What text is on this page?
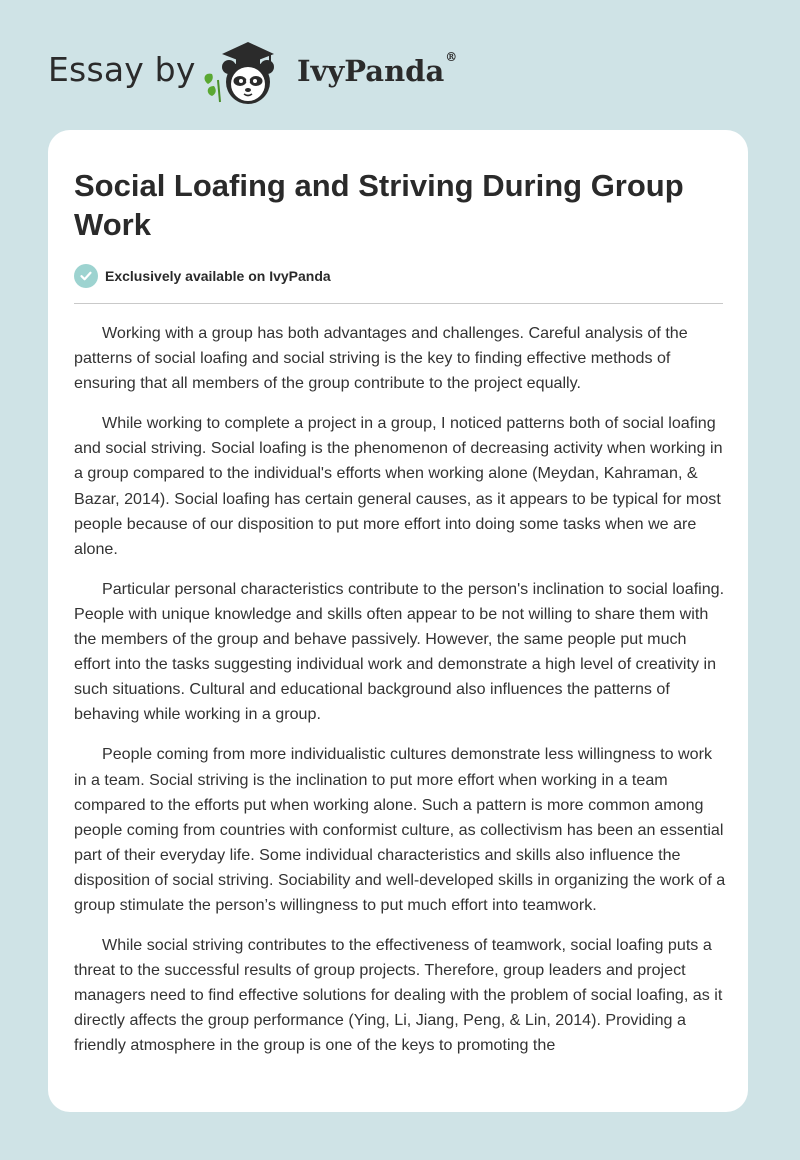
Essay by	IvyPanda®
Social Loafing and Striving During Group Work
Exclusively available on IvyPanda

Working with a group has both advantages and challenges. Careful analysis of the patterns of social loafing and social striving is the key to finding effective methods of ensuring that all members of the group contribute to the project equally.

While working to complete a project in a group, I noticed patterns both of social loafing and social striving. Social loafing is the phenomenon of decreasing activity when working in a group compared to the individual's efforts when working alone (Meydan, Kahraman, & Bazar, 2014). Social loafing has certain general causes, as it appears to be typical for most people because of our disposition to put more effort into doing some tasks when we are alone.

Particular personal characteristics contribute to the person's inclination to social loafing. People with unique knowledge and skills often appear to be not willing to share them with the members of the group and behave passively. However, the same people put much effort into the tasks suggesting individual work and demonstrate a high level of creativity in such situations. Cultural and educational background also influences the patterns of behaving while working in a group.

People coming from more individualistic cultures demonstrate less willingness to work in a team. Social striving is the inclination to put more effort when working in a team compared to the efforts put when working alone. Such a pattern is more common among people coming from countries with conformist culture, as collectivism has been an essential part of their everyday life. Some individual characteristics and skills also influence the disposition of social striving. Sociability and well-developed skills in organizing the work of a group stimulate the person’s willingness to put much effort into teamwork.

While social striving contributes to the effectiveness of teamwork, social loafing puts a threat to the successful results of group projects. Therefore, group leaders and project managers need to find effective solutions for dealing with the problem of social loafing, as it directly affects the group performance (Ying, Li, Jiang, Peng, & Lin, 2014). Providing a friendly atmosphere in the group is one of the keys to promoting the
